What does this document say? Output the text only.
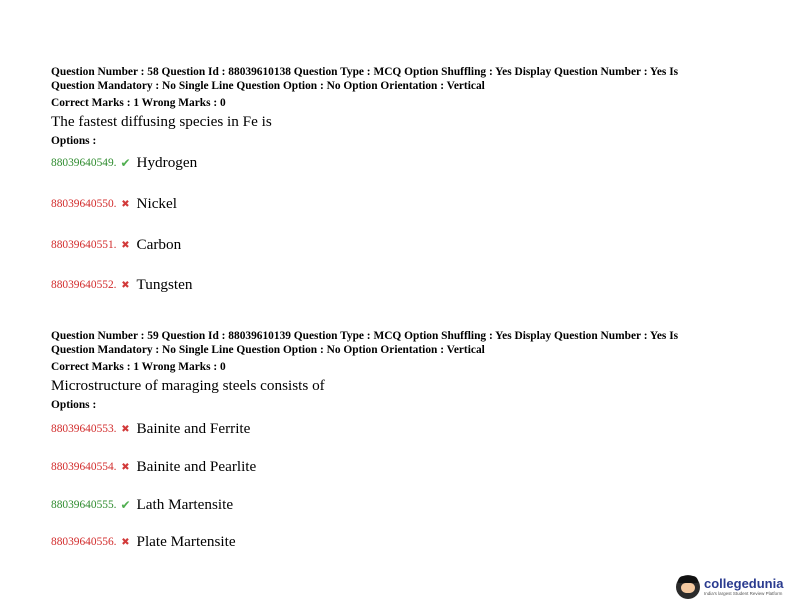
Question Number : 58 Question Id : 88039610138 Question Type : MCQ Option Shuffling : Yes Display Question Number : Yes Is
Question Mandatory : No Single Line Question Option : No Option Orientation : Vertical
Correct Marks : 1 Wrong Marks : 0
The fastest diffusing species in Fe is
Options :
88039640549. ✔ Hydrogen
88039640550. ✖ Nickel
88039640551. ✖ Carbon
88039640552. ✖ Tungsten
Question Number : 59 Question Id : 88039610139 Question Type : MCQ Option Shuffling : Yes Display Question Number : Yes Is
Question Mandatory : No Single Line Question Option : No Option Orientation : Vertical
Correct Marks : 1 Wrong Marks : 0
Microstructure of maraging steels consists of
Options :
88039640553. ✖ Bainite and Ferrite
88039640554. ✖ Bainite and Pearlite
88039640555. ✔ Lath Martensite
88039640556. ✖ Plate Martensite
collegedunia
India's largest Student Review Platform
